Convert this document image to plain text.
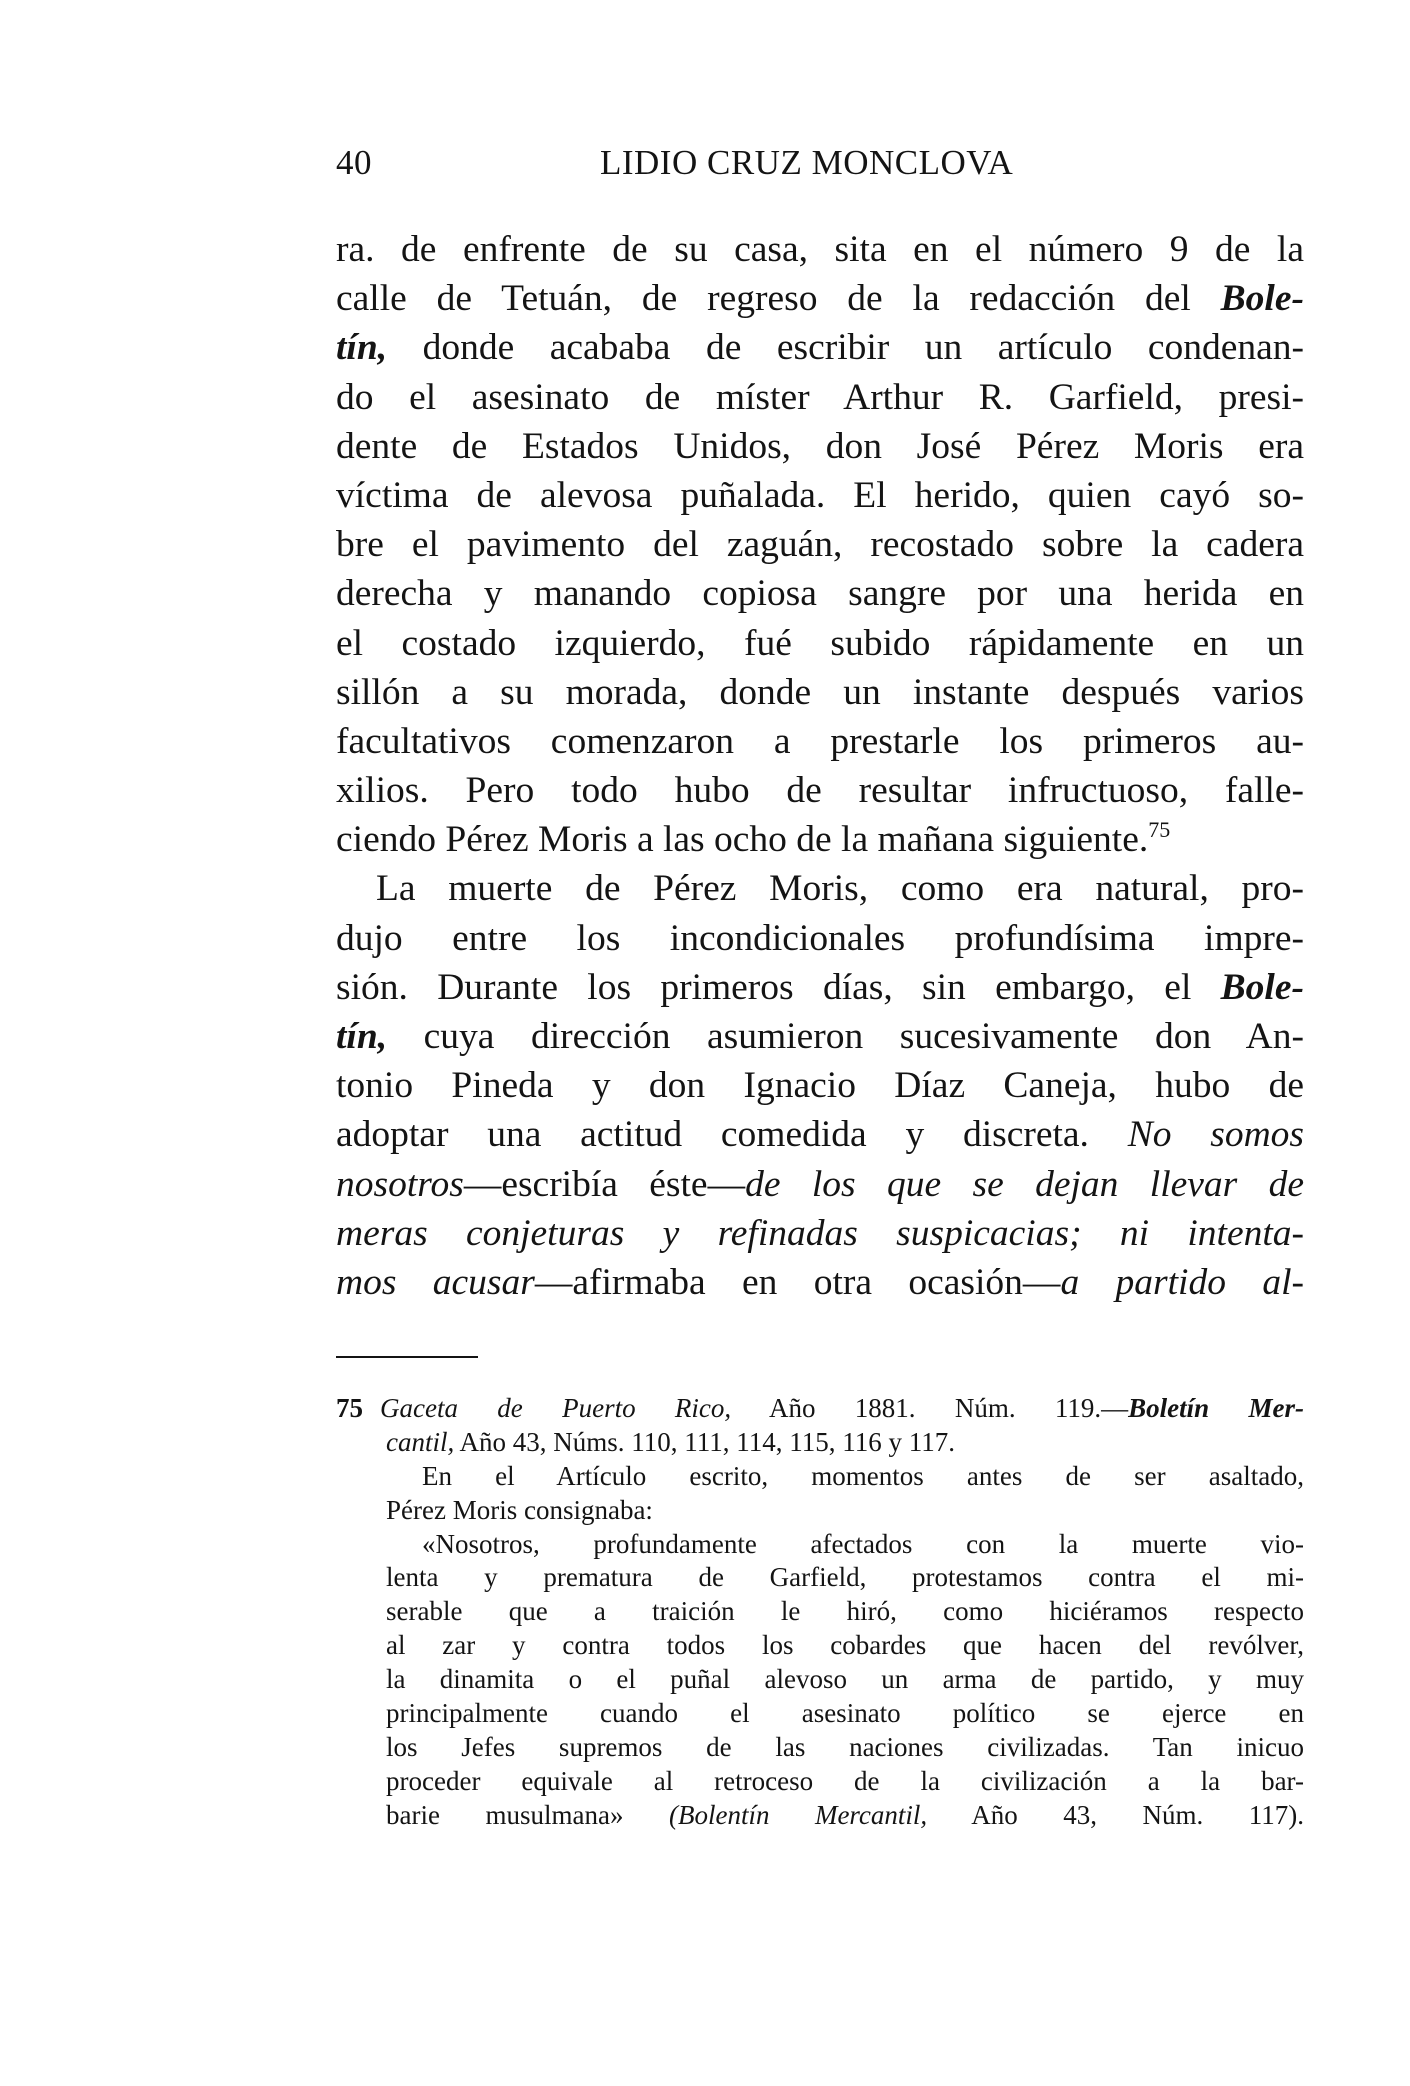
40	LIDIO CRUZ MONCLOVA
ra. de enfrente de su casa, sita en el número 9 de la
calle de Tetuán, de regreso de la redacción del Bole-
tín, donde acababa de escribir un artículo condenan-
do el asesinato de míster Arthur R. Garfield, presi-
dente de Estados Unidos, don José Pérez Moris era
víctima de alevosa puñalada. El herido, quien cayó so-
bre el pavimento del zaguán, recostado sobre la cadera
derecha y manando copiosa sangre por una herida en
el costado izquierdo, fué subido rápidamente en un
sillón a su morada, donde un instante después varios
facultativos comenzaron a prestarle los primeros au-
xilios. Pero todo hubo de resultar infructuoso, falle-
ciendo Pérez Moris a las ocho de la mañana siguiente.$^{75}$
La muerte de Pérez Moris, como era natural, pro-
dujo entre los incondicionales profundísima impre-
sión. Durante los primeros días, sin embargo, el Bole-
tín, cuya dirección asumieron sucesivamente don An-
tonio Pineda y don Ignacio Díaz Caneja, hubo de
adoptar una actitud comedida y discreta. No somos
nosotros—escribía éste—de los que se dejan llevar de
meras conjeturas y refinadas suspicacias; ni intenta-
mos acusar—afirmaba en otra ocasión—a partido al-
75 Gaceta de Puerto Rico, Año 1881. Núm. 119.—Boletín Mer-
cantil, Año 43, Núms. 110, 111, 114, 115, 116 y 117.
En el Artículo escrito, momentos antes de ser asaltado,
Pérez Moris consignaba:
«Nosotros, profundamente afectados con la muerte vio-
lenta y prematura de Garfield, protestamos contra el mi-
serable que a traición le hiró, como hiciéramos respecto
al zar y contra todos los cobardes que hacen del revólver,
la dinamita o el puñal alevoso un arma de partido, y muy
principalmente cuando el asesinato político se ejerce en
los Jefes supremos de las naciones civilizadas. Tan inicuo
proceder equivale al retroceso de la civilización a la bar-
barie musulmana» (Bolentín Mercantil, Año 43, Núm. 117).
